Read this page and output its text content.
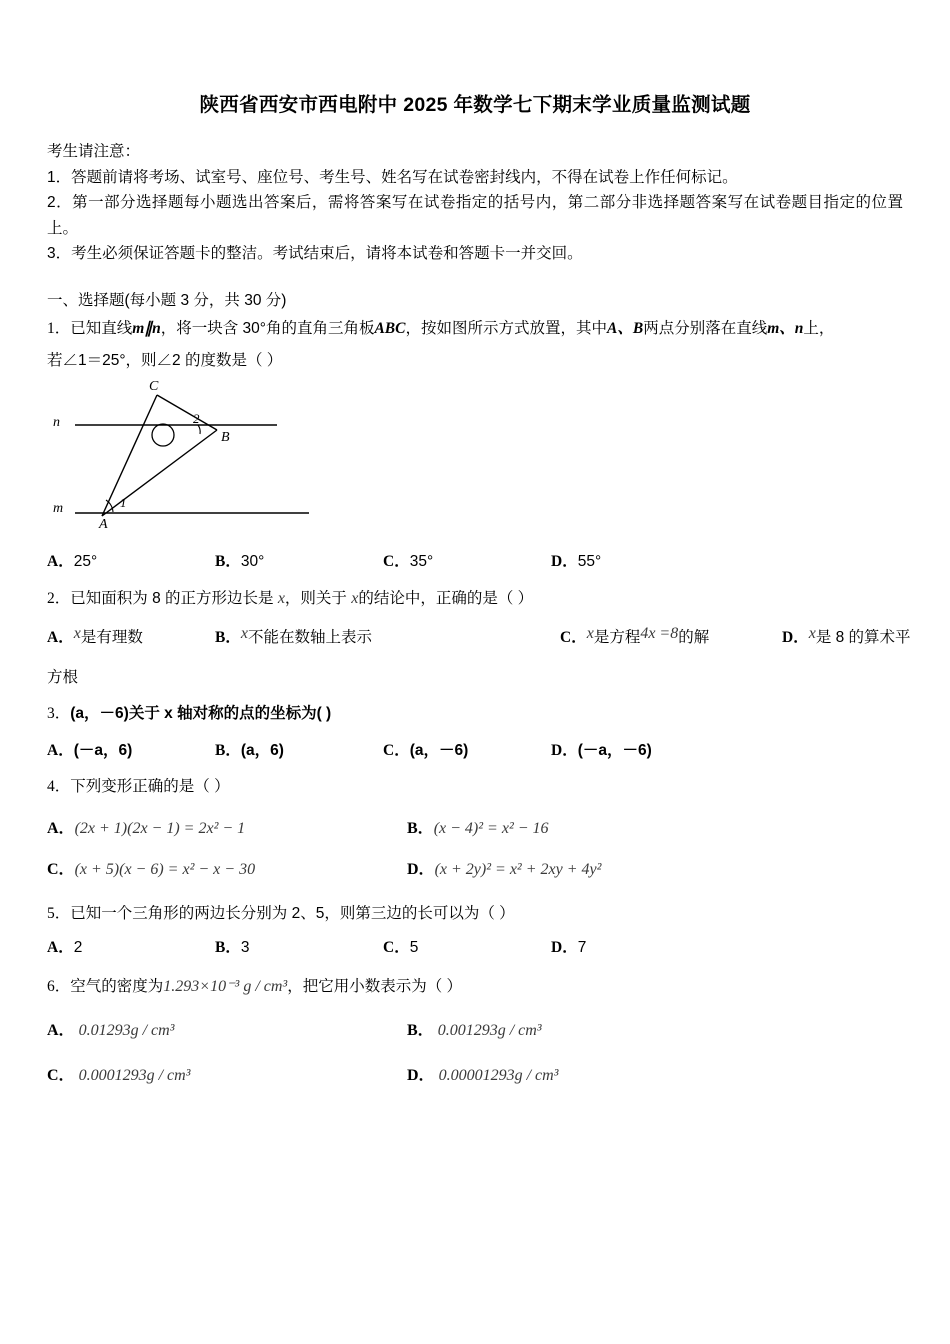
陕西省西安市西电附中 2025 年数学七下期末学业质量监测试题
考生请注意：

1．答题前请将考场、试室号、座位号、考生号、姓名写在试卷密封线内，不得在试卷上作任何标记。

2．第一部分选择题每小题选出答案后，需将答案写在试卷指定的括号内，第二部分非选择题答案写在试卷题目指定的位置上。

3．考生必须保证答题卡的整洁。考试结束后，请将本试卷和答题卡一并交回。

一、选择题(每小题 3 分，共 30 分)

1．已知直线m∥n，将一块含 30°角的直角三角板ABC，按如图所示方式放置，其中A、B两点分别落在直线m、n上，

若∠1＝25°，则∠2 的度数是（ ）

n
m
A
B
C
1
2
A．25°	B．30°	C．35°	D．55°

2．已知面积为 8 的正方形边长是 x，则关于 x的结论中，正确的是（ ）

A．x是有理数	B．x不能在数轴上表示	C．x是方程4x =8的解	D．x是 8 的算术平

方根

3．(a，－6)关于 x 轴对称的点的坐标为( )

A．(－a，6)	B．(a，6)	C．(a，－6)	D．(－a，－6)

4．下列变形正确的是（ ）

A．(2x + 1)(2x − 1) = 2x² − 1	B．(x − 4)² = x² − 16
C．(x + 5)(x − 6) = x² − x − 30	D．(x + 2y)² = x² + 2xy + 4y²

5．已知一个三角形的两边长分别为 2、5，则第三边的长可以为（ ）

A．2	B．3	C．5	D．7

6．空气的密度为1.293×10⁻³ g / cm³，把它用小数表示为（ ）

A． 0.01293g / cm³	B． 0.001293g / cm³
C． 0.0001293g / cm³	D． 0.00001293g / cm³
